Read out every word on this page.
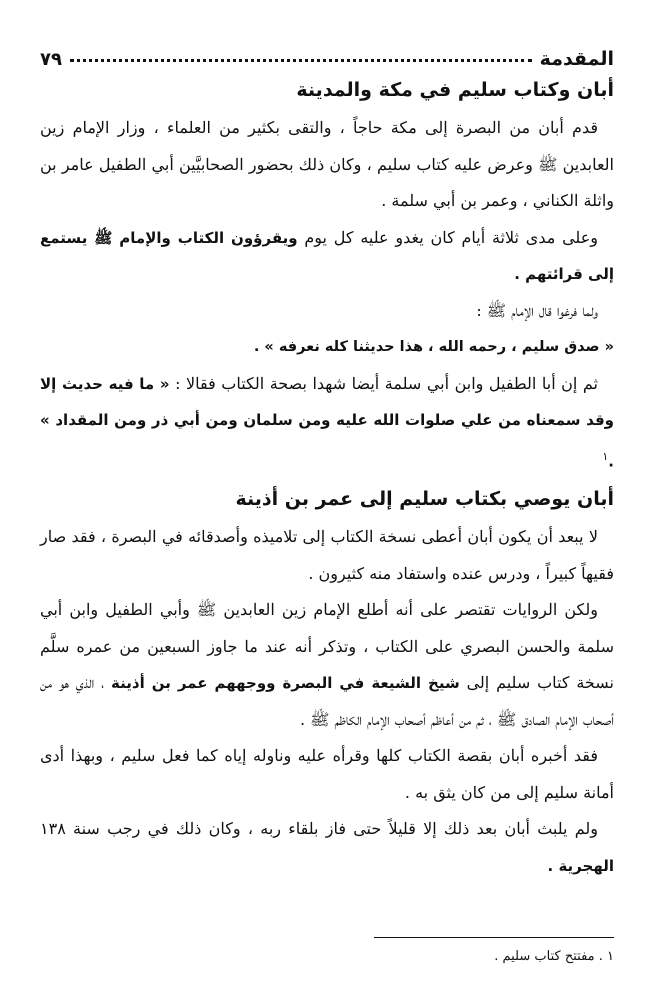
المقدمة
٧٩
أبان وكتاب سليم في مكة والمدينة

قدم أبان من البصرة إلى مكة حاجاً ، والتقى بكثير من العلماء ، وزار الإمام زين العابدين ﷺ وعرض عليه كتاب سليم ، وكان ذلك بحضور الصحابيَّين أبي الطفيل عامر بن واثلة الكناني ، وعمر بن أبي سلمة .

وعلى مدى ثلاثة أيام كان يغدو عليه كل يوم ويقرؤون الكتاب والإمام ﷺ يستمع إلى قرائتهم .

ولما فرغوا قال الإمام ﷺ :

« صدق سليم ، رحمه الله ، هذا حديثنا كله نعرفه » .

ثم إن أبا الطفيل وابن أبي سلمة أيضا شهدا بصحة الكتاب فقالا : « ما فيه حديث إلا وقد سمعناه من علي صلوات الله عليه ومن سلمان ومن أبي ذر ومن المقداد » .$^١$

أبان يوصي بكتاب سليم إلى عمر بن أذينة

لا يبعد أن يكون أبان أعطى نسخة الكتاب إلى تلاميذه وأصدقائه في البصرة ، فقد صار فقيهاً كبيراً ، ودرس عنده واستفاد منه كثيرون .

ولكن الروايات تقتصر على أنه أطلع الإمام زين العابدين ﷺ وأبي الطفيل وابن أبي سلمة والحسن البصري على الكتاب ، وتذكر أنه عند ما جاوز السبعين من عمره سلَّم نسخة كتاب سليم إلى شيخ الشيعة في البصرة ووجههم عمر بن أذينة ، الذي هو من أصحاب الإمام الصادق ﷺ ، ثم من أعاظم أصحاب الإمام الكاظم ﷺ .

فقد أخبره أبان بقصة الكتاب كلها وقرأه عليه وناوله إياه كما فعل سليم ، وبهذا أدى أمانة سليم إلى من كان يثق به .

ولم يلبث أبان بعد ذلك إلا قليلاً حتى فاز بلقاء ربه ، وكان ذلك في رجب سنة ١٣٨ الهجرية .

١ . مفتتح كتاب سليم .
